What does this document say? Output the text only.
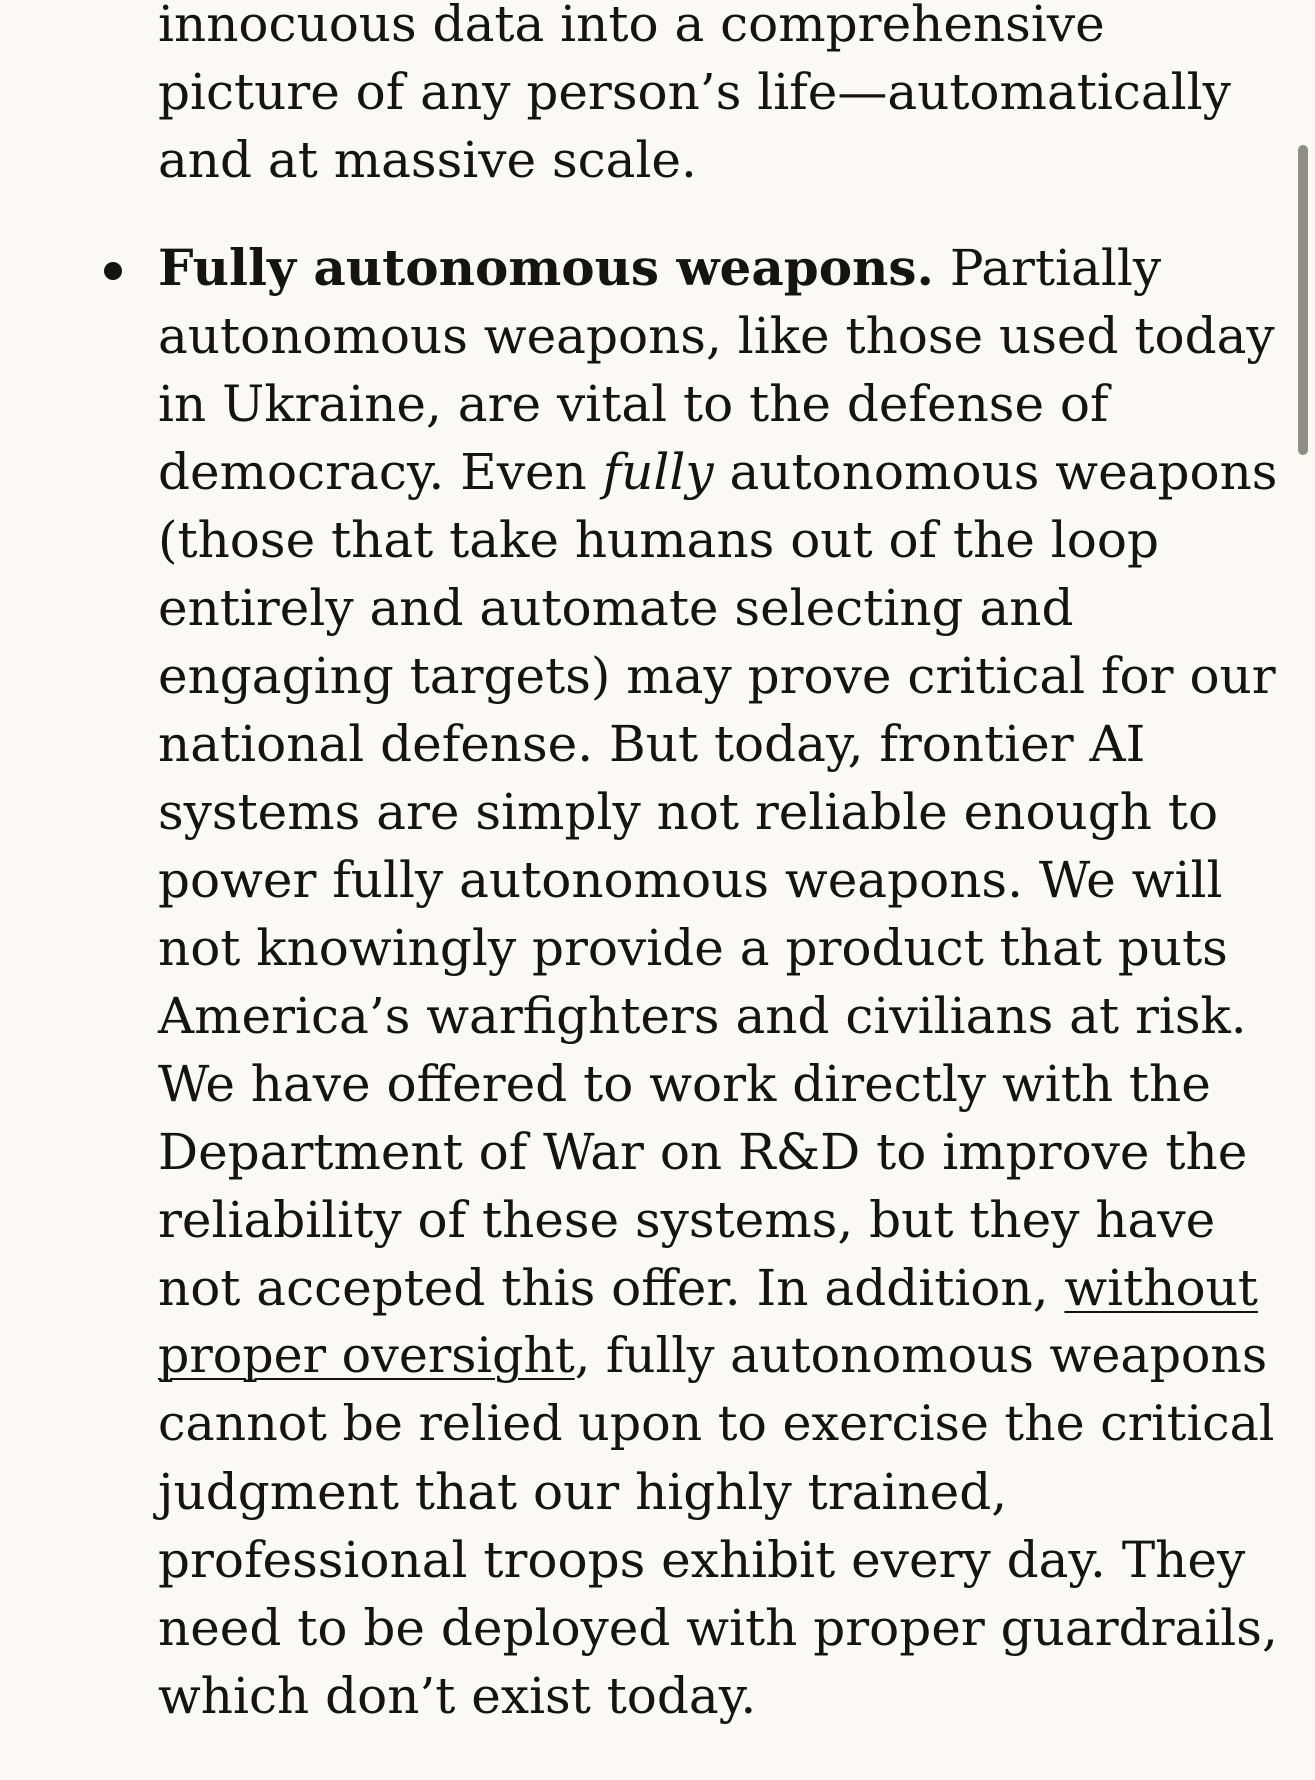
innocuous data into a comprehensive
picture of any person’s life—automatically
and at massive scale.
Fully autonomous weapons. Partially
autonomous weapons, like those used today
in Ukraine, are vital to the defense of
democracy. Even fully autonomous weapons
(those that take humans out of the loop
entirely and automate selecting and
engaging targets) may prove critical for our
national defense. But today, frontier AI
systems are simply not reliable enough to
power fully autonomous weapons. We will
not knowingly provide a product that puts
America’s warfighters and civilians at risk.
We have offered to work directly with the
Department of War on R&D to improve the
reliability of these systems, but they have
not accepted this offer. In addition, without
proper oversight, fully autonomous weapons
cannot be relied upon to exercise the critical
judgment that our highly trained,
professional troops exhibit every day. They
need to be deployed with proper guardrails,
which don’t exist today.
